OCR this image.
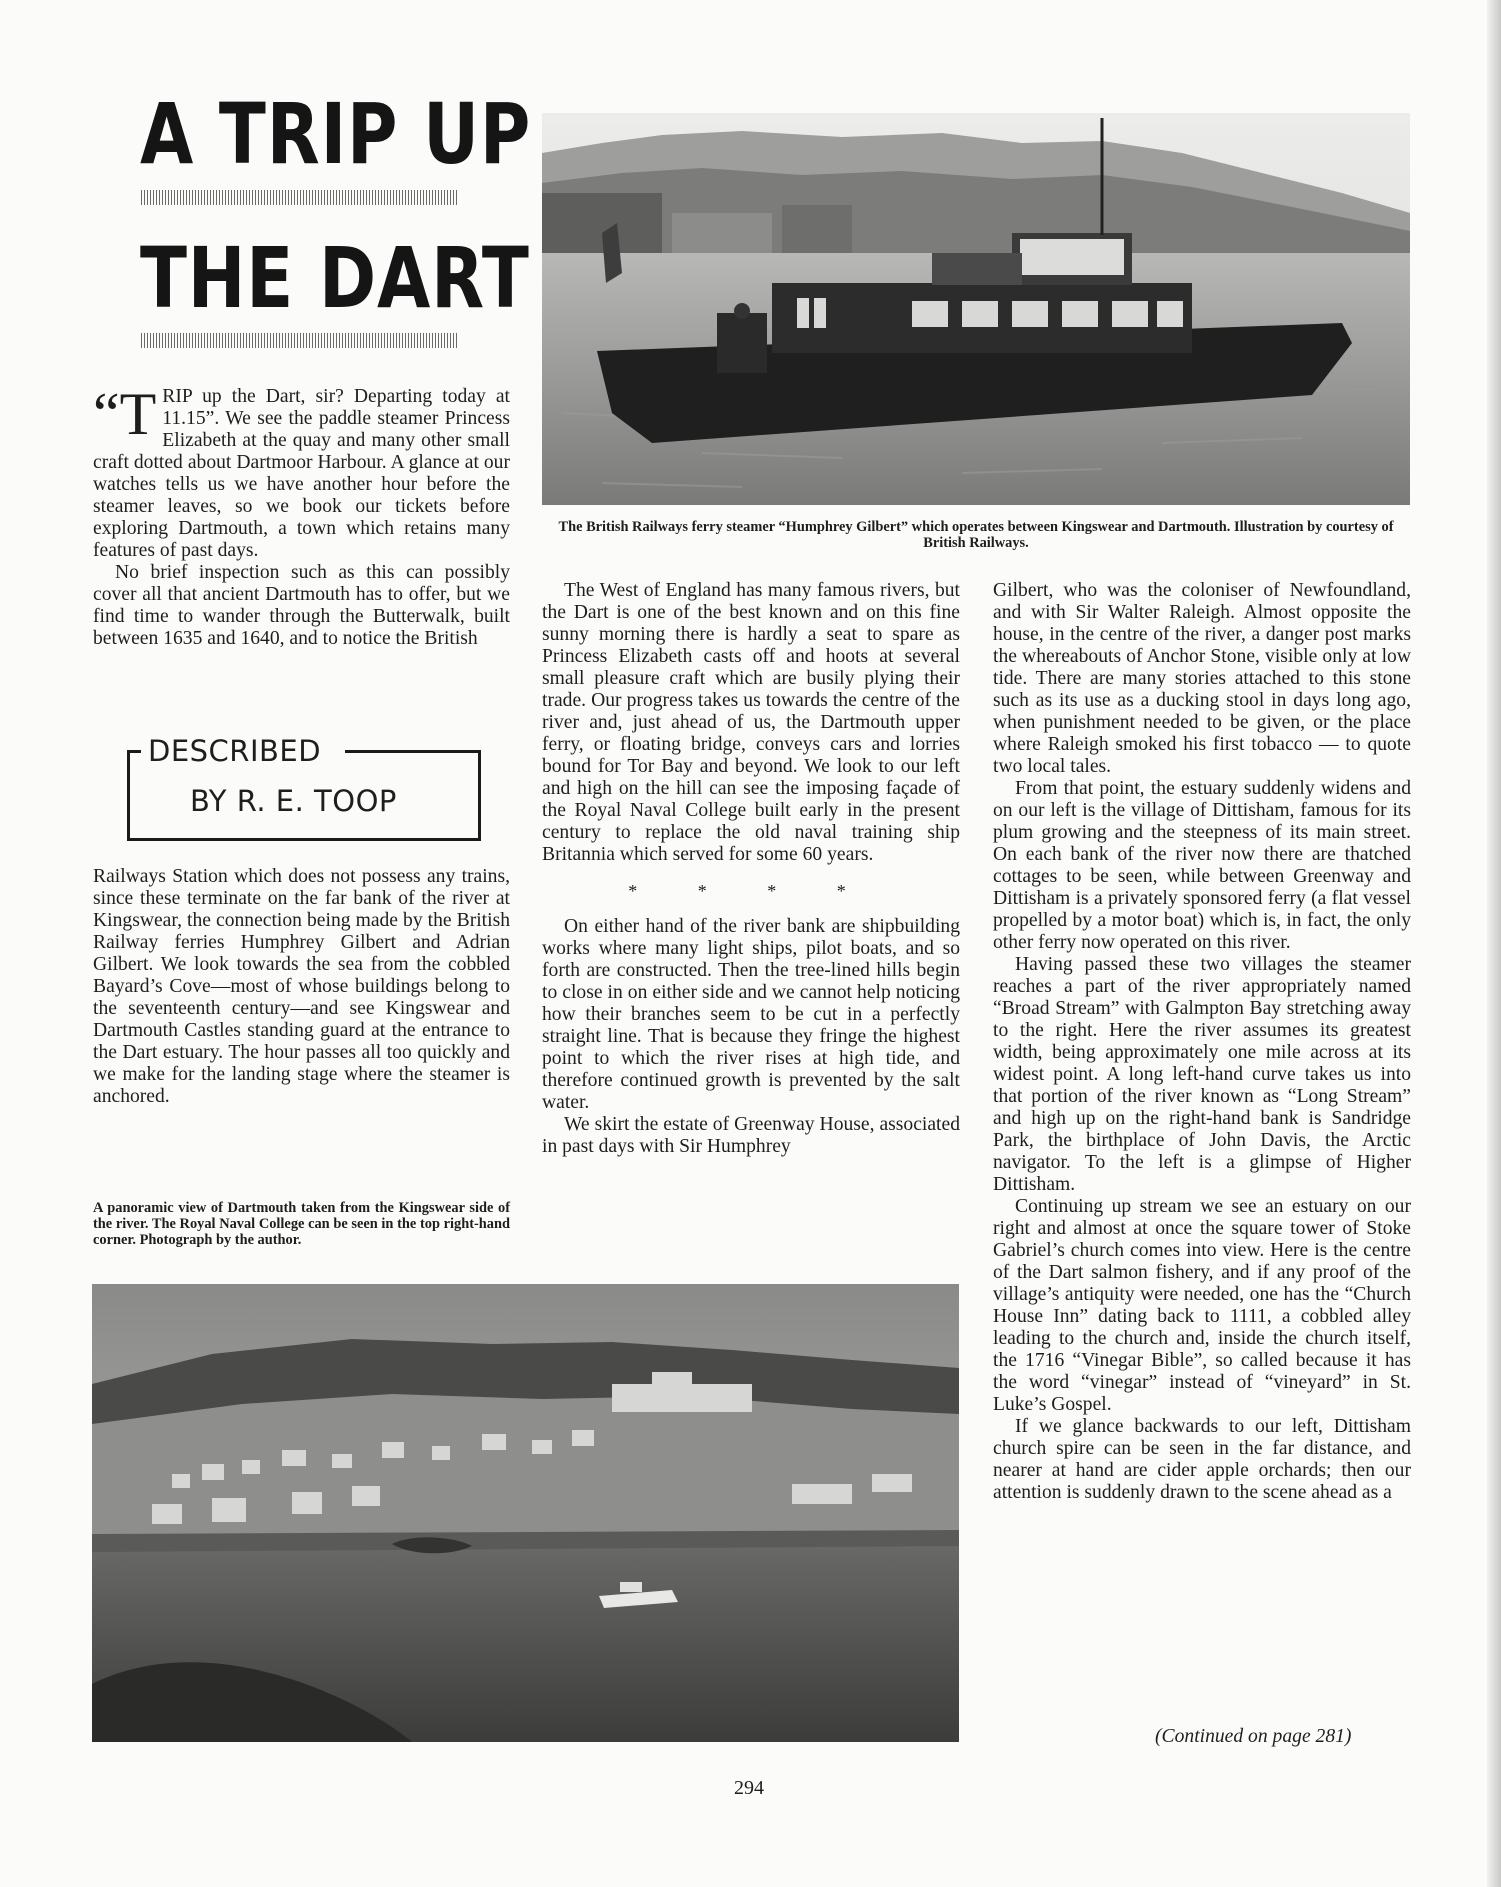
A TRIP UP
THE DART

“TRIP up the Dart, sir? Departing today at 11.15”. We see the paddle steamer Princess Elizabeth at the quay and many other small craft dotted about Dartmoor Harbour. A glance at our watches tells us we have another hour before the steamer leaves, so we book our tickets before exploring Dartmouth, a town which retains many features of past days.

No brief inspection such as this can possibly cover all that ancient Dartmouth has to offer, but we find time to wander through the Butterwalk, built between 1635 and 1640, and to notice the British

DESCRIBED
BY R. E. TOOP

Railways Station which does not possess any trains, since these terminate on the far bank of the river at Kingswear, the connection being made by the British Railway ferries Humphrey Gilbert and Adrian Gilbert. We look towards the sea from the cobbled Bayard’s Cove—most of whose buildings belong to the seventeenth century—and see Kingswear and Dartmouth Castles standing guard at the entrance to the Dart estuary. The hour passes all too quickly and we make for the landing stage where the steamer is anchored.

A panoramic view of Dartmouth taken from the Kingswear side of the river. The Royal Naval College can be seen in the top right-hand corner. Photograph by the author.
The British Railways ferry steamer “Humphrey Gilbert” which operates between Kingswear and Dartmouth. Illustration by courtesy of British Railways.

The West of England has many famous rivers, but the Dart is one of the best known and on this fine sunny morning there is hardly a seat to spare as Princess Elizabeth casts off and hoots at several small pleasure craft which are busily plying their trade. Our progress takes us towards the centre of the river and, just ahead of us, the Dartmouth upper ferry, or floating bridge, conveys cars and lorries bound for Tor Bay and beyond. We look to our left and high on the hill can see the imposing façade of the Royal Naval College built early in the present century to replace the old naval training ship Britannia which served for some 60 years.

* * * *

On either hand of the river bank are shipbuilding works where many light ships, pilot boats, and so forth are constructed. Then the tree-lined hills begin to close in on either side and we cannot help noticing how their branches seem to be cut in a perfectly straight line. That is because they fringe the highest point to which the river rises at high tide, and therefore continued growth is prevented by the salt water.

We skirt the estate of Greenway House, associated in past days with Sir Humphrey

Gilbert, who was the coloniser of Newfoundland, and with Sir Walter Raleigh. Almost opposite the house, in the centre of the river, a danger post marks the whereabouts of Anchor Stone, visible only at low tide. There are many stories attached to this stone such as its use as a ducking stool in days long ago, when punishment needed to be given, or the place where Raleigh smoked his first tobacco — to quote two local tales.

From that point, the estuary suddenly widens and on our left is the village of Dittisham, famous for its plum growing and the steepness of its main street. On each bank of the river now there are thatched cottages to be seen, while between Greenway and Dittisham is a privately sponsored ferry (a flat vessel propelled by a motor boat) which is, in fact, the only other ferry now operated on this river.

Having passed these two villages the steamer reaches a part of the river appropriately named “Broad Stream” with Galmpton Bay stretching away to the right. Here the river assumes its greatest width, being approximately one mile across at its widest point. A long left-hand curve takes us into that portion of the river known as “Long Stream” and high up on the right-hand bank is Sandridge Park, the birthplace of John Davis, the Arctic navigator. To the left is a glimpse of Higher Dittisham.

Continuing up stream we see an estuary on our right and almost at once the square tower of Stoke Gabriel’s church comes into view. Here is the centre of the Dart salmon fishery, and if any proof of the village’s antiquity were needed, one has the “Church House Inn” dating back to 1111, a cobbled alley leading to the church and, inside the church itself, the 1716 “Vinegar Bible”, so called because it has the word “vinegar” instead of “vineyard” in St. Luke’s Gospel.

If we glance backwards to our left, Dittisham church spire can be seen in the far distance, and nearer at hand are cider apple orchards; then our attention is suddenly drawn to the scene ahead as a

(Continued on page 281)
294
